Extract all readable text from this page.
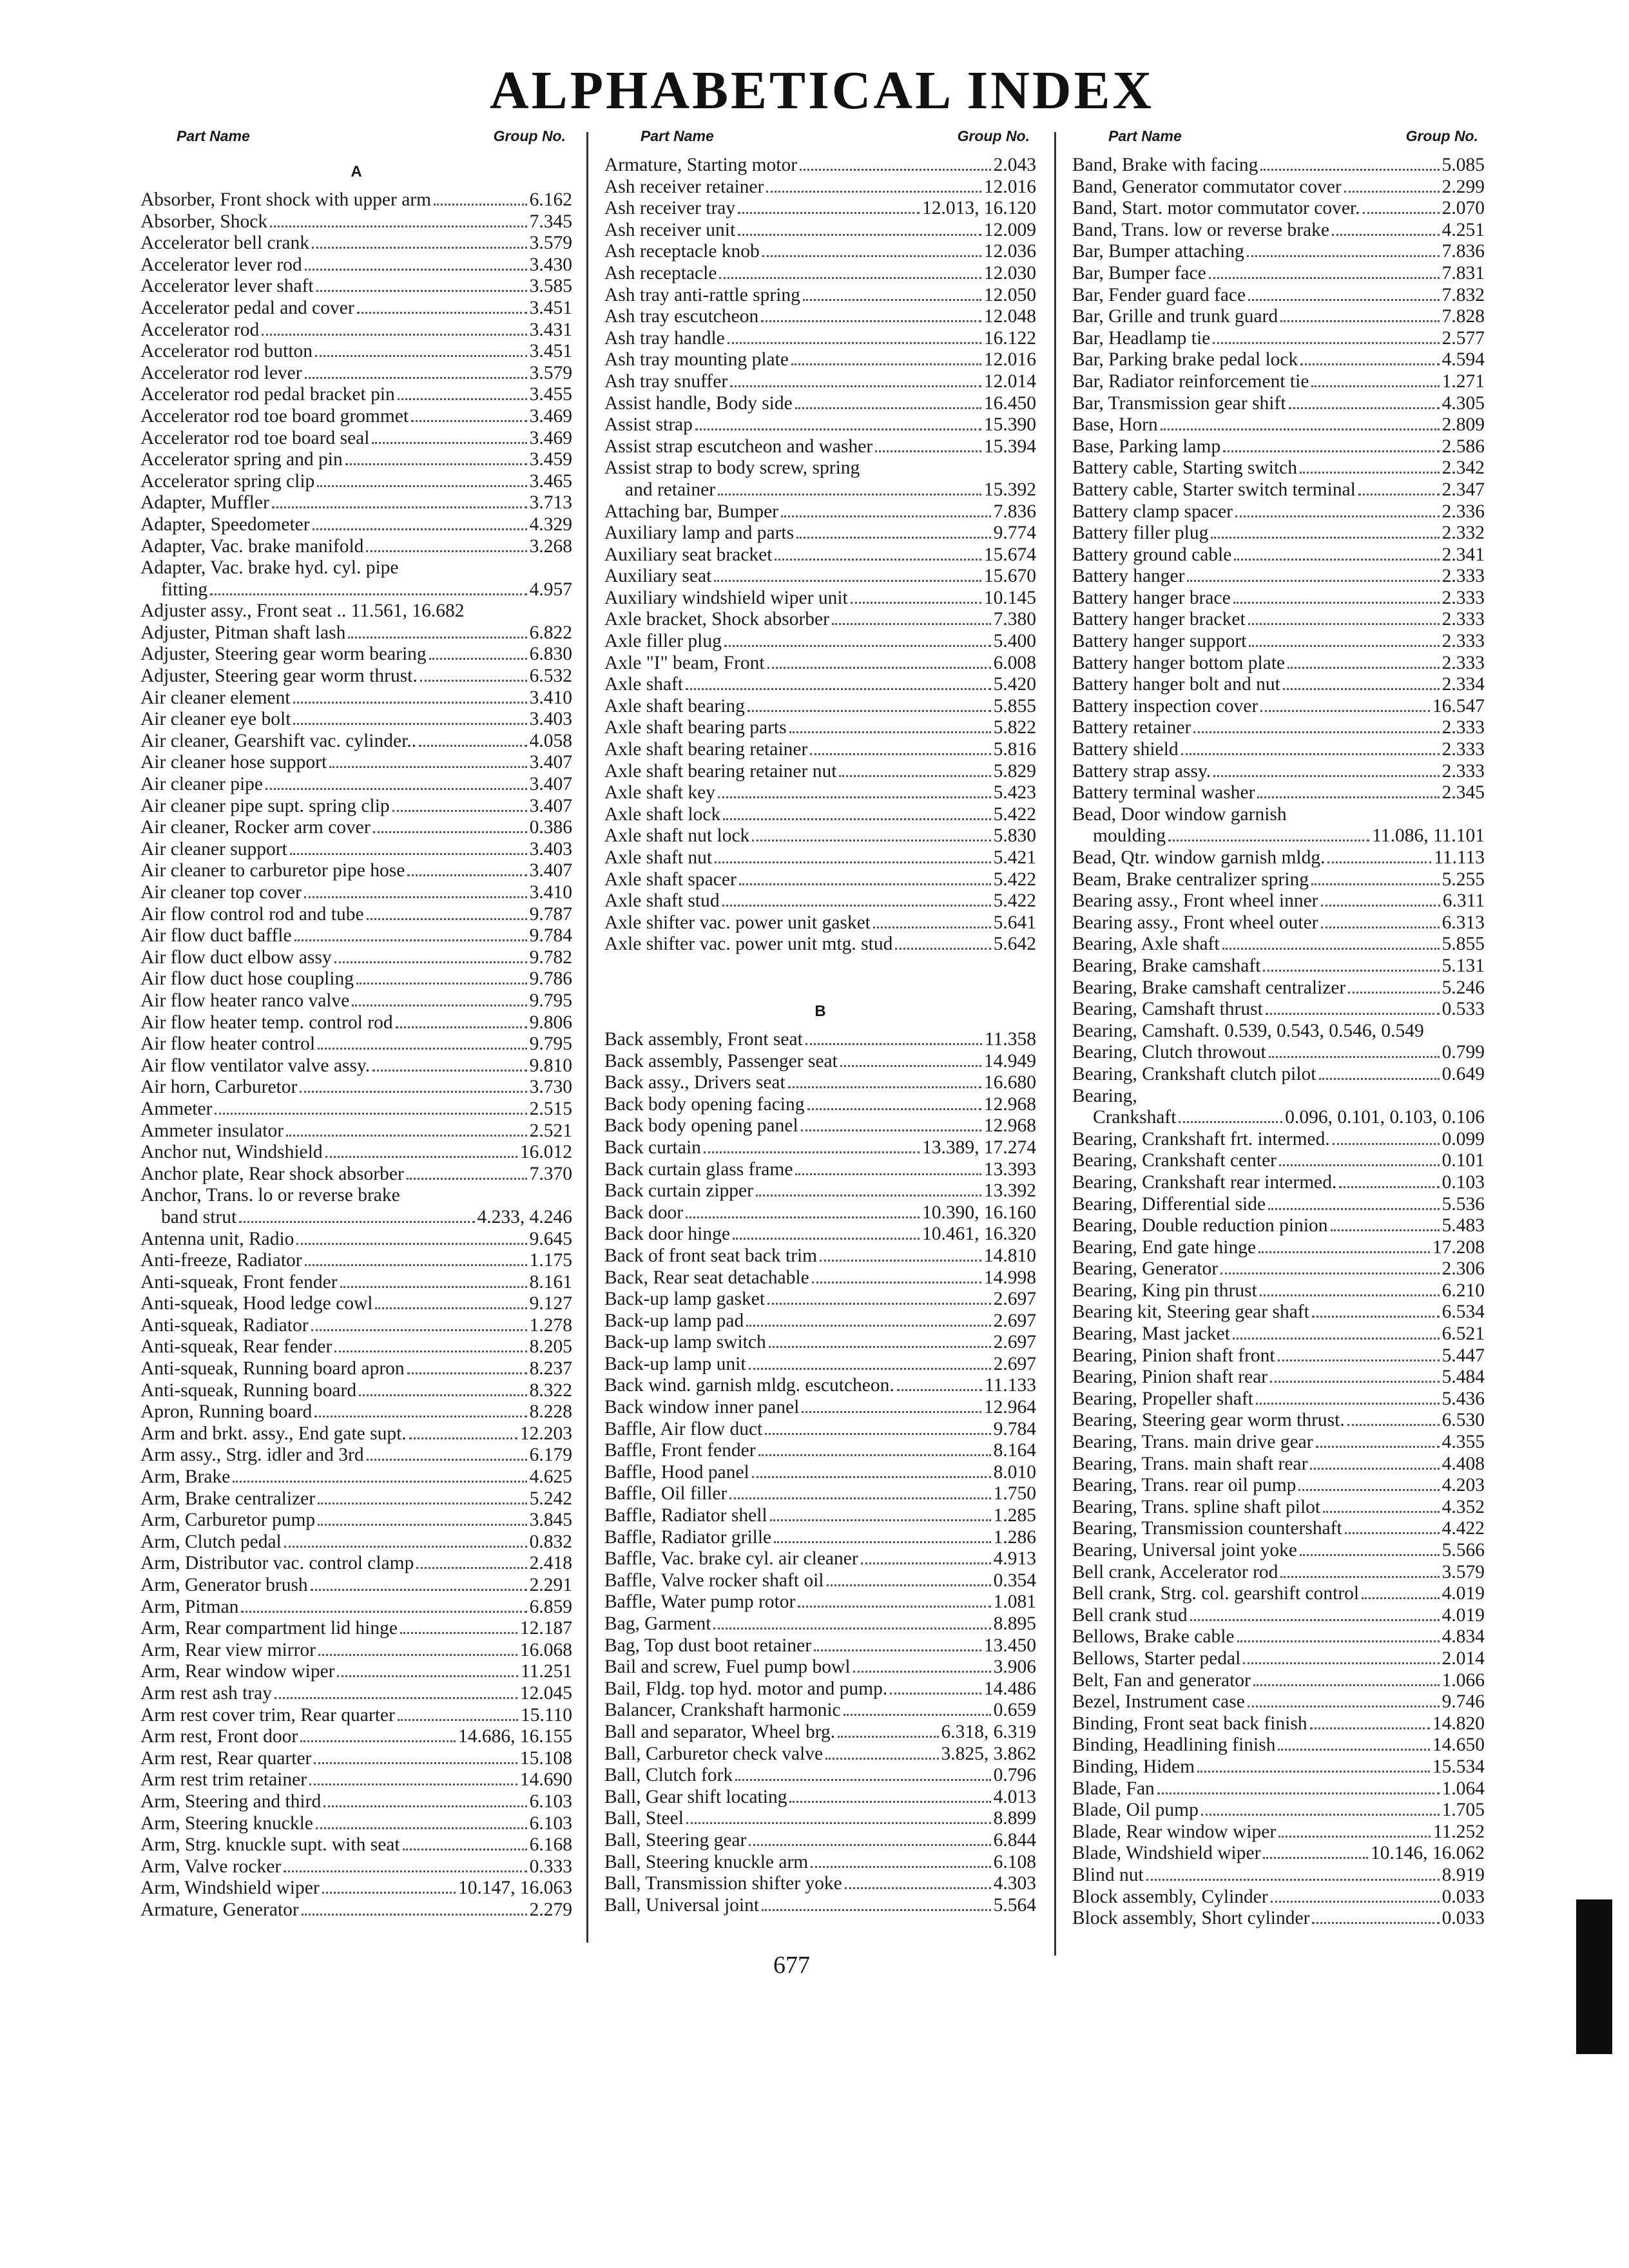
ALPHABETICAL INDEX
Part Name	Group No.
A
Absorber, Front shock with upper arm	6.162
Absorber, Shock	7.345
Accelerator bell crank	3.579
Accelerator lever rod	3.430
Accelerator lever shaft	3.585
Accelerator pedal and cover	3.451
Accelerator rod	3.431
Accelerator rod button	3.451
Accelerator rod lever	3.579
Accelerator rod pedal bracket pin	3.455
Accelerator rod toe board grommet	3.469
Accelerator rod toe board seal	3.469
Accelerator spring and pin	3.459
Accelerator spring clip	3.465
Adapter, Muffler	3.713
Adapter, Speedometer	4.329
Adapter, Vac. brake manifold	3.268
Adapter, Vac. brake hyd. cyl. pipe
fitting	4.957
Adjuster assy., Front seat .. 11.561, 16.682
Adjuster, Pitman shaft lash	6.822
Adjuster, Steering gear worm bearing	6.830
Adjuster, Steering gear worm thrust.	6.532
Air cleaner element	3.410
Air cleaner eye bolt	3.403
Air cleaner, Gearshift vac. cylinder..	4.058
Air cleaner hose support	3.407
Air cleaner pipe	3.407
Air cleaner pipe supt. spring clip	3.407
Air cleaner, Rocker arm cover	0.386
Air cleaner support	3.403
Air cleaner to carburetor pipe hose	3.407
Air cleaner top cover	3.410
Air flow control rod and tube	9.787
Air flow duct baffle	9.784
Air flow duct elbow assy	9.782
Air flow duct hose coupling	9.786
Air flow heater ranco valve	9.795
Air flow heater temp. control rod	9.806
Air flow heater control	9.795
Air flow ventilator valve assy.	9.810
Air horn, Carburetor	3.730
Ammeter	2.515
Ammeter insulator	2.521
Anchor nut, Windshield	16.012
Anchor plate, Rear shock absorber	7.370
Anchor, Trans. lo or reverse brake
band strut	4.233, 4.246
Antenna unit, Radio	9.645
Anti-freeze, Radiator	1.175
Anti-squeak, Front fender	8.161
Anti-squeak, Hood ledge cowl	9.127
Anti-squeak, Radiator	1.278
Anti-squeak, Rear fender	8.205
Anti-squeak, Running board apron	8.237
Anti-squeak, Running board	8.322
Apron, Running board	8.228
Arm and brkt. assy., End gate supt.	12.203
Arm assy., Strg. idler and 3rd	6.179
Arm, Brake	4.625
Arm, Brake centralizer	5.242
Arm, Carburetor pump	3.845
Arm, Clutch pedal	0.832
Arm, Distributor vac. control clamp	2.418
Arm, Generator brush	2.291
Arm, Pitman	6.859
Arm, Rear compartment lid hinge	12.187
Arm, Rear view mirror	16.068
Arm, Rear window wiper	11.251
Arm rest ash tray	12.045
Arm rest cover trim, Rear quarter	15.110
Arm rest, Front door	14.686, 16.155
Arm rest, Rear quarter	15.108
Arm rest trim retainer	14.690
Arm, Steering and third	6.103
Arm, Steering knuckle	6.103
Arm, Strg. knuckle supt. with seat	6.168
Arm, Valve rocker	0.333
Arm, Windshield wiper	10.147, 16.063
Armature, Generator	2.279
Part Name	Group No.
Armature, Starting motor	2.043
Ash receiver retainer	12.016
Ash receiver tray	12.013, 16.120
Ash receiver unit	12.009
Ash receptacle knob	12.036
Ash receptacle	12.030
Ash tray anti-rattle spring	12.050
Ash tray escutcheon	12.048
Ash tray handle	16.122
Ash tray mounting plate	12.016
Ash tray snuffer	12.014
Assist handle, Body side	16.450
Assist strap	15.390
Assist strap escutcheon and washer	15.394
Assist strap to body screw, spring
and retainer	15.392
Attaching bar, Bumper	7.836
Auxiliary lamp and parts	9.774
Auxiliary seat bracket	15.674
Auxiliary seat	15.670
Auxiliary windshield wiper unit	10.145
Axle bracket, Shock absorber	7.380
Axle filler plug	5.400
Axle "I" beam, Front	6.008
Axle shaft	5.420
Axle shaft bearing	5.855
Axle shaft bearing parts	5.822
Axle shaft bearing retainer	5.816
Axle shaft bearing retainer nut	5.829
Axle shaft key	5.423
Axle shaft lock	5.422
Axle shaft nut lock	5.830
Axle shaft nut	5.421
Axle shaft spacer	5.422
Axle shaft stud	5.422
Axle shifter vac. power unit gasket	5.641
Axle shifter vac. power unit mtg. stud	5.642
B
Back assembly, Front seat	11.358
Back assembly, Passenger seat	14.949
Back assy., Drivers seat	16.680
Back body opening facing	12.968
Back body opening panel	12.968
Back curtain	13.389, 17.274
Back curtain glass frame	13.393
Back curtain zipper	13.392
Back door	10.390, 16.160
Back door hinge	10.461, 16.320
Back of front seat back trim	14.810
Back, Rear seat detachable	14.998
Back-up lamp gasket	2.697
Back-up lamp pad	2.697
Back-up lamp switch	2.697
Back-up lamp unit	2.697
Back wind. garnish mldg. escutcheon.	11.133
Back window inner panel	12.964
Baffle, Air flow duct	9.784
Baffle, Front fender	8.164
Baffle, Hood panel	8.010
Baffle, Oil filler	1.750
Baffle, Radiator shell	1.285
Baffle, Radiator grille	1.286
Baffle, Vac. brake cyl. air cleaner	4.913
Baffle, Valve rocker shaft oil	0.354
Baffle, Water pump rotor	1.081
Bag, Garment	8.895
Bag, Top dust boot retainer	13.450
Bail and screw, Fuel pump bowl	3.906
Bail, Fldg. top hyd. motor and pump.	14.486
Balancer, Crankshaft harmonic	0.659
Ball and separator, Wheel brg.	6.318, 6.319
Ball, Carburetor check valve	3.825, 3.862
Ball, Clutch fork	0.796
Ball, Gear shift locating	4.013
Ball, Steel	8.899
Ball, Steering gear	6.844
Ball, Steering knuckle arm	6.108
Ball, Transmission shifter yoke	4.303
Ball, Universal joint	5.564
Part Name	Group No.
Band, Brake with facing	5.085
Band, Generator commutator cover	2.299
Band, Start. motor commutator cover.	2.070
Band, Trans. low or reverse brake	4.251
Bar, Bumper attaching	7.836
Bar, Bumper face	7.831
Bar, Fender guard face	7.832
Bar, Grille and trunk guard	7.828
Bar, Headlamp tie	2.577
Bar, Parking brake pedal lock	4.594
Bar, Radiator reinforcement tie	1.271
Bar, Transmission gear shift	4.305
Base, Horn	2.809
Base, Parking lamp	2.586
Battery cable, Starting switch	2.342
Battery cable, Starter switch terminal	2.347
Battery clamp spacer	2.336
Battery filler plug	2.332
Battery ground cable	2.341
Battery hanger	2.333
Battery hanger brace	2.333
Battery hanger bracket	2.333
Battery hanger support	2.333
Battery hanger bottom plate	2.333
Battery hanger bolt and nut	2.334
Battery inspection cover	16.547
Battery retainer	2.333
Battery shield	2.333
Battery strap assy.	2.333
Battery terminal washer	2.345
Bead, Door window garnish
moulding	11.086, 11.101
Bead, Qtr. window garnish mldg.	11.113
Beam, Brake centralizer spring	5.255
Bearing assy., Front wheel inner	6.311
Bearing assy., Front wheel outer	6.313
Bearing, Axle shaft	5.855
Bearing, Brake camshaft	5.131
Bearing, Brake camshaft centralizer	5.246
Bearing, Camshaft thrust	0.533
Bearing, Camshaft. 0.539, 0.543, 0.546, 0.549
Bearing, Clutch throwout	0.799
Bearing, Crankshaft clutch pilot	0.649
Bearing,
Crankshaft	0.096, 0.101, 0.103, 0.106
Bearing, Crankshaft frt. intermed.	0.099
Bearing, Crankshaft center	0.101
Bearing, Crankshaft rear intermed.	0.103
Bearing, Differential side	5.536
Bearing, Double reduction pinion	5.483
Bearing, End gate hinge	17.208
Bearing, Generator	2.306
Bearing, King pin thrust	6.210
Bearing kit, Steering gear shaft	6.534
Bearing, Mast jacket	6.521
Bearing, Pinion shaft front	5.447
Bearing, Pinion shaft rear	5.484
Bearing, Propeller shaft	5.436
Bearing, Steering gear worm thrust.	6.530
Bearing, Trans. main drive gear	4.355
Bearing, Trans. main shaft rear	4.408
Bearing, Trans. rear oil pump	4.203
Bearing, Trans. spline shaft pilot	4.352
Bearing, Transmission countershaft	4.422
Bearing, Universal joint yoke	5.566
Bell crank, Accelerator rod	3.579
Bell crank, Strg. col. gearshift control	4.019
Bell crank stud	4.019
Bellows, Brake cable	4.834
Bellows, Starter pedal	2.014
Belt, Fan and generator	1.066
Bezel, Instrument case	9.746
Binding, Front seat back finish	14.820
Binding, Headlining finish	14.650
Binding, Hidem	15.534
Blade, Fan	1.064
Blade, Oil pump	1.705
Blade, Rear window wiper	11.252
Blade, Windshield wiper	10.146, 16.062
Blind nut	8.919
Block assembly, Cylinder	0.033
Block assembly, Short cylinder	0.033
677
